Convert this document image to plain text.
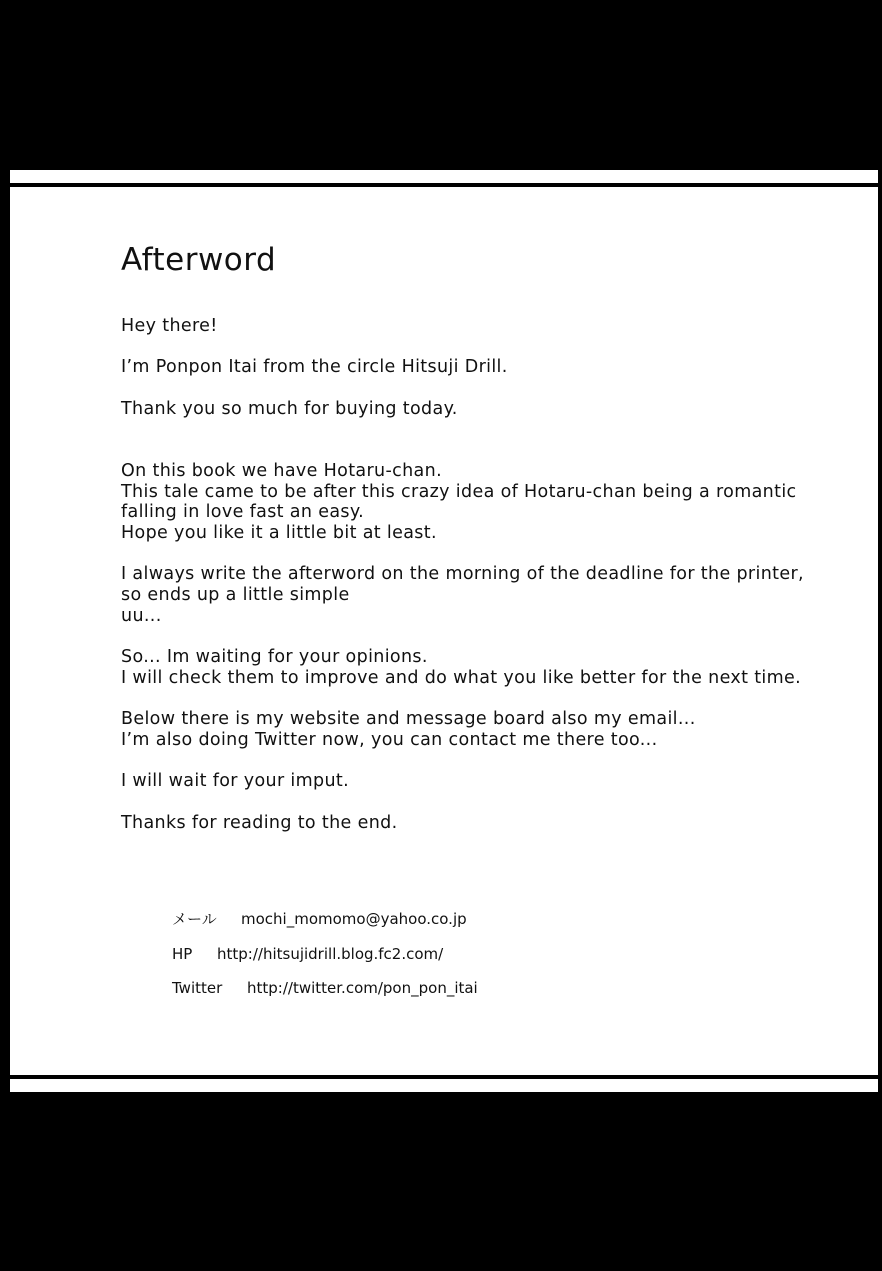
Afterword

Hey there!

I’m Ponpon Itai from the circle Hitsuji Drill.

Thank you so much for buying today.

On this book we have Hotaru-chan.
This tale came to be after this crazy idea of Hotaru-chan being a romantic
falling in love fast an easy.
Hope you like it a little bit at least.

I always write the afterword on the morning of the deadline for the printer,
so ends up a little simple
uu...

So... Im waiting for your opinions.
I will check them to improve and do what you like better for the next time.

Below there is my website and message board also my email...
I’m also doing Twitter now, you can contact me there too...

I will wait for your imput.

Thanks for reading to the end.

メール	mochi_momomo@yahoo.co.jp
HP	http://hitsujidrill.blog.fc2.com/
Twitter	http://twitter.com/pon_pon_itai
